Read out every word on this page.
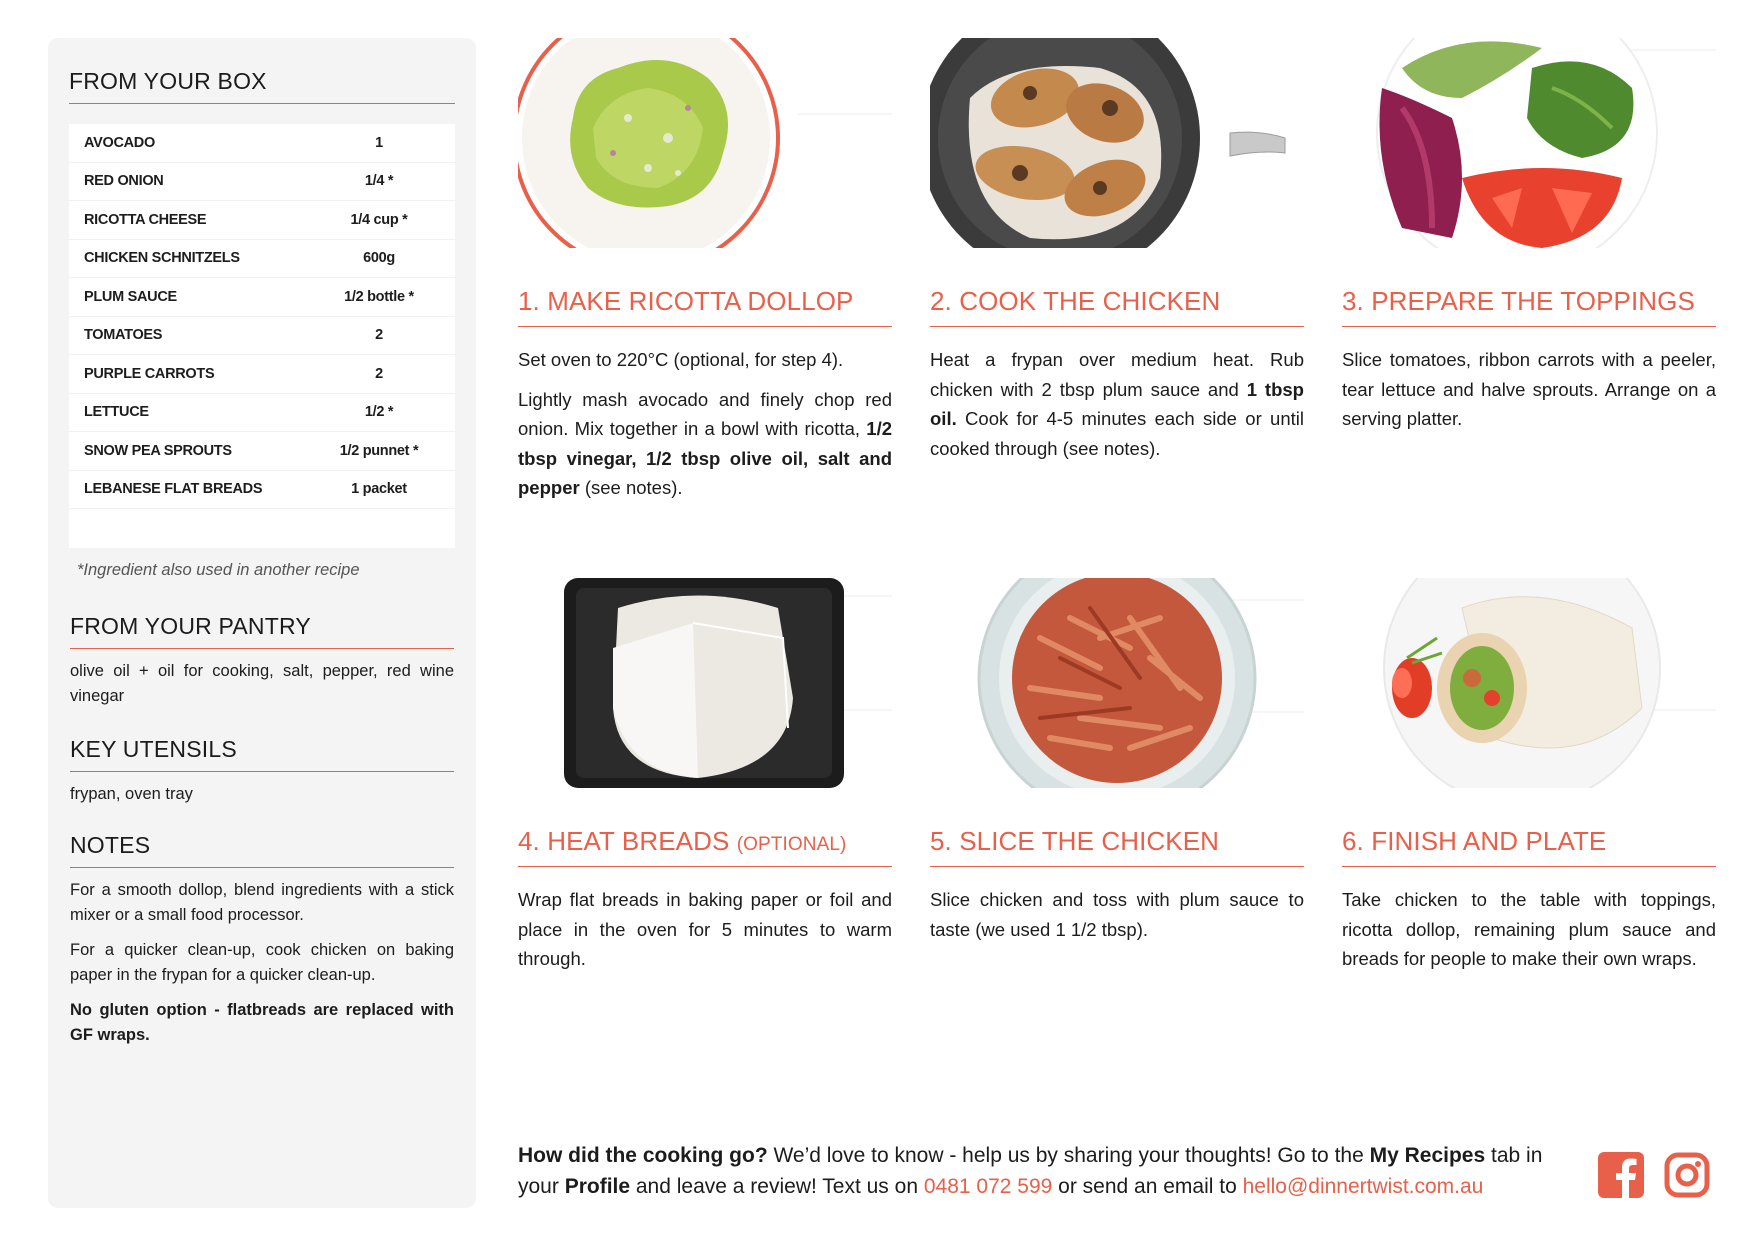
FROM YOUR BOX
AVOCADO	1
RED ONION	1/4 *
RICOTTA CHEESE	1/4 cup *
CHICKEN SCHNITZELS	600g
PLUM SAUCE	1/2 bottle *
TOMATOES	2
PURPLE CARROTS	2
LETTUCE	1/2 *
SNOW PEA SPROUTS	1/2 punnet *
LEBANESE FLAT BREADS	1 packet
*Ingredient also used in another recipe
FROM YOUR PANTRY

olive oil + oil for cooking, salt, pepper, red wine vinegar

KEY UTENSILS

frypan, oven tray

NOTES

For a smooth dollop, blend ingredients with a stick mixer or a small food processor.

For a quicker clean-up, cook chicken on baking paper in the frypan for a quicker clean-up.

No gluten option - flatbreads are replaced with GF wraps.

1. MAKE RICOTTA DOLLOP

Set oven to 220°C (optional, for step 4).

Lightly mash avocado and finely chop red onion. Mix together in a bowl with ricotta, 1/2 tbsp vinegar, 1/2 tbsp olive oil, salt and pepper (see notes).

2. COOK THE CHICKEN

Heat a frypan over medium heat. Rub chicken with 2 tbsp plum sauce and 1 tbsp oil. Cook for 4-5 minutes each side or until cooked through (see notes).

3. PREPARE THE TOPPINGS

Slice tomatoes, ribbon carrots with a peeler, tear lettuce and halve sprouts. Arrange on a serving platter.

4. HEAT BREADS (OPTIONAL)

Wrap flat breads in baking paper or foil and place in the oven for 5 minutes to warm through.

5. SLICE THE CHICKEN

Slice chicken and toss with plum sauce to taste (we used 1 1/2 tbsp).

6. FINISH AND PLATE

Take chicken to the table with toppings, ricotta dollop, remaining plum sauce and breads for people to make their own wraps.

How did the cooking go? We’d love to know - help us by sharing your thoughts! Go to the My Recipes tab in your Profile and leave a review! Text us on 0481 072 599 or send an email to hello@dinnertwist.com.au
